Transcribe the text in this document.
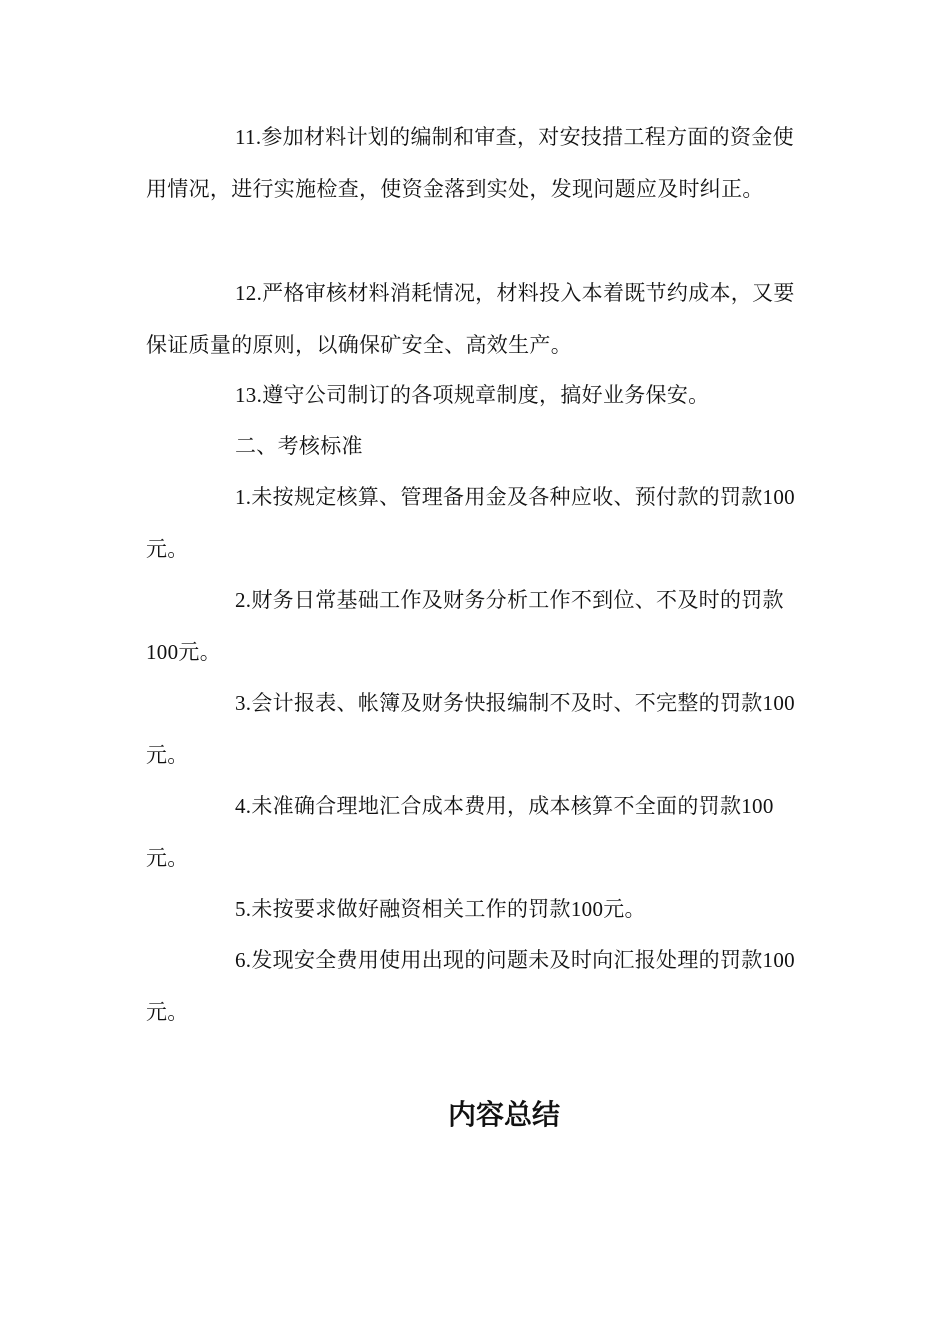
11.参加材料计划的编制和审查，对安技措工程方面的资金使用情况，进行实施检查，使资金落到实处，发现问题应及时纠正。

12.严格审核材料消耗情况，材料投入本着既节约成本，又要保证质量的原则，以确保矿安全、高效生产。

13.遵守公司制订的各项规章制度，搞好业务保安。

二、考核标准

1.未按规定核算、管理备用金及各种应收、预付款的罚款100元。

2.财务日常基础工作及财务分析工作不到位、不及时的罚款100元。

3.会计报表、帐簿及财务快报编制不及时、不完整的罚款100元。

4.未准确合理地汇合成本费用，成本核算不全面的罚款100元。

5.未按要求做好融资相关工作的罚款100元。

6.发现安全费用使用出现的问题未及时向汇报处理的罚款100元。

内容总结
